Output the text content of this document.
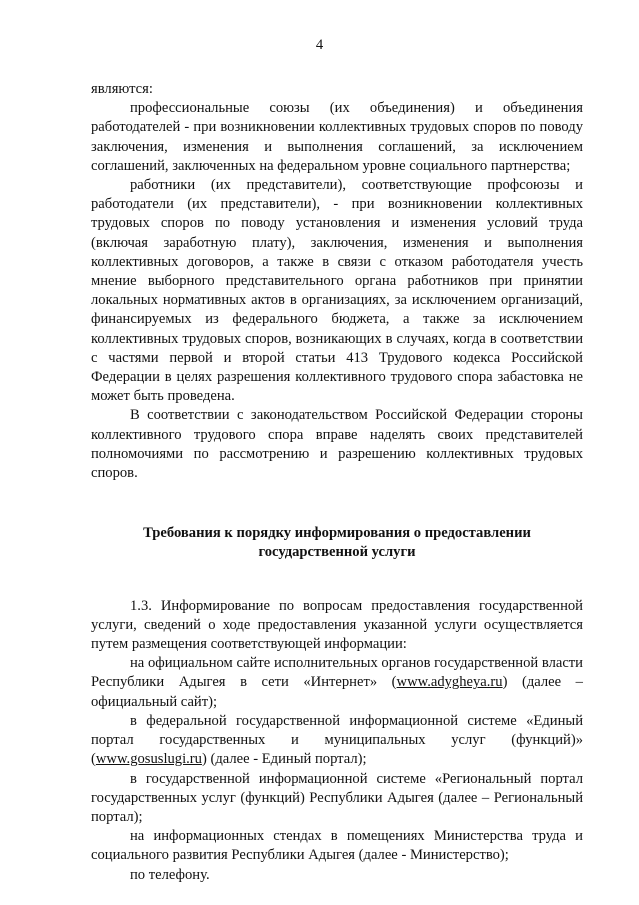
4

являются:

профессиональные союзы (их объединения) и объединения работодателей - при возникновении коллективных трудовых споров по поводу заключения, изменения и выполнения соглашений, за исключением соглашений, заключенных на федеральном уровне социального партнерства;

работники (их представители), соответствующие профсоюзы и работодатели (их представители), - при возникновении коллективных трудовых споров по поводу установления и изменения условий труда (включая заработную плату), заключения, изменения и выполнения коллективных договоров, а также в связи с отказом работодателя учесть мнение выборного представительного органа работников при принятии локальных нормативных актов в организациях, за исключением организаций, финансируемых из федерального бюджета, а также за исключением коллективных трудовых споров, возникающих в случаях, когда в соответствии с частями первой и второй статьи 413 Трудового кодекса Российской Федерации в целях разрешения коллективного трудового спора забастовка не может быть проведена.

В соответствии с законодательством Российской Федерации стороны коллективного трудового спора вправе наделять своих представителей полномочиями по рассмотрению и разрешению коллективных трудовых споров.

Требования к порядку информирования о предоставлении
государственной услуги

1.3. Информирование по вопросам предоставления государственной услуги, сведений о ходе предоставления указанной услуги осуществляется путем размещения соответствующей информации:

на официальном сайте исполнительных органов государственной власти Республики Адыгея в сети «Интернет» (www.adygheya.ru) (далее – официальный сайт);

в федеральной государственной информационной системе «Единый портал государственных и муниципальных услуг (функций)» (www.gosuslugi.ru) (далее - Единый портал);

в государственной информационной системе «Региональный портал государственных услуг (функций) Республики Адыгея (далее – Региональный портал);

на информационных стендах в помещениях Министерства труда и социального развития Республики Адыгея (далее - Министерство);

по телефону.
